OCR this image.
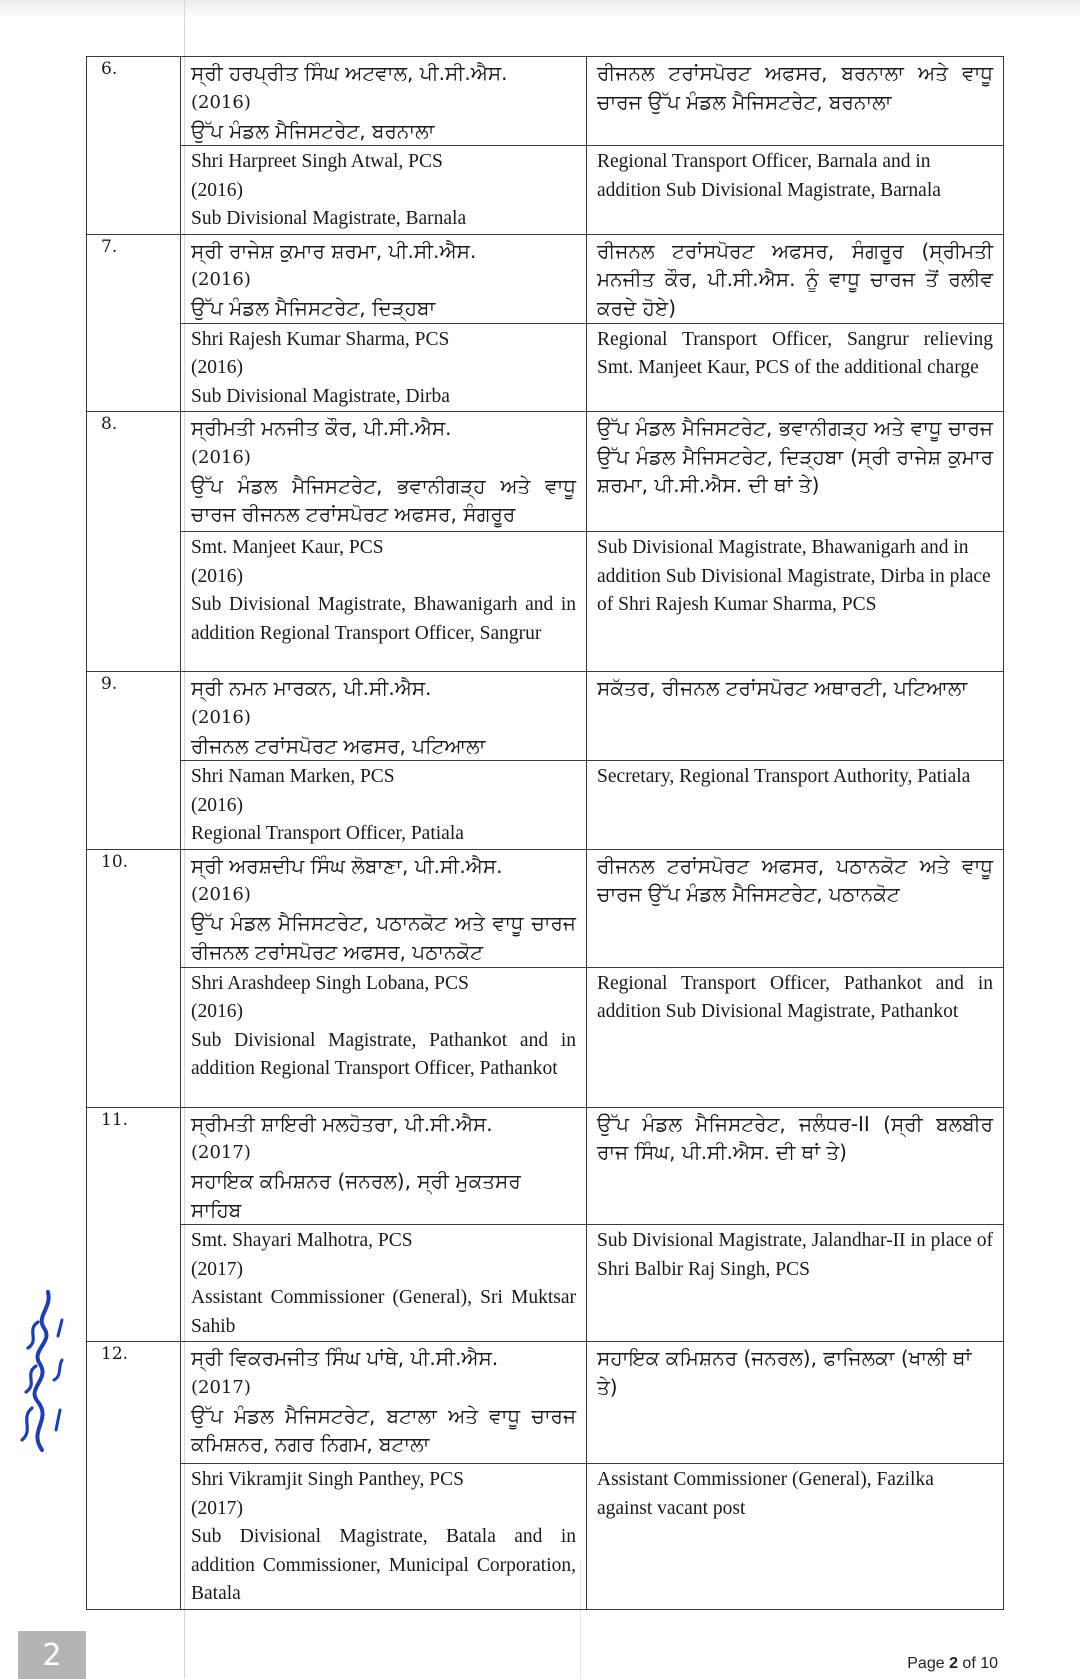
6.	ਸ੍ਰੀ ਹਰਪ੍ਰੀਤ ਸਿੰਘ ਅਟਵਾਲ, ਪੀ.ਸੀ.ਐਸ.
(2016)
ਉੱਪ ਮੰਡਲ ਮੈਜਿਸਟਰੇਟ, ਬਰਨਾਲਾ	ਰੀਜਨਲ ਟਰਾਂਸਪੋਰਟ ਅਫਸਰ, ਬਰਨਾਲਾ ਅਤੇ ਵਾਧੂ ਚਾਰਜ ਉੱਪ ਮੰਡਲ ਮੈਜਿਸਟਰੇਟ, ਬਰਨਾਲਾ

	Shri Harpreet Singh Atwal, PCS
(2016)
Sub Divisional Magistrate, Barnala	Regional Transport Officer, Barnala and in addition Sub Divisional Magistrate, Barnala
7.	ਸ੍ਰੀ ਰਾਜੇਸ਼ ਕੁਮਾਰ ਸ਼ਰਮਾ, ਪੀ.ਸੀ.ਐਸ.
(2016)
ਉੱਪ ਮੰਡਲ ਮੈਜਿਸਟਰੇਟ, ਦਿੜ੍ਹਬਾ	ਰੀਜਨਲ ਟਰਾਂਸਪੋਰਟ ਅਫਸਰ, ਸੰਗਰੂਰ (ਸ੍ਰੀਮਤੀ ਮਨਜੀਤ ਕੌਰ, ਪੀ.ਸੀ.ਐਸ. ਨੂੰ ਵਾਧੂ ਚਾਰਜ ਤੋਂ ਰਲੀਵ ਕਰਦੇ ਹੋਏ)

	Shri Rajesh Kumar Sharma, PCS
(2016)
Sub Divisional Magistrate, Dirba	Regional Transport Officer, Sangrur relieving Smt. Manjeet Kaur, PCS of the additional charge
8.	ਸ੍ਰੀਮਤੀ ਮਨਜੀਤ ਕੌਰ, ਪੀ.ਸੀ.ਐਸ.
(2016)
ਉੱਪ ਮੰਡਲ ਮੈਜਿਸਟਰੇਟ, ਭਵਾਨੀਗੜ੍ਹ ਅਤੇ ਵਾਧੂ ਚਾਰਜ ਰੀਜਨਲ ਟਰਾਂਸਪੋਰਟ ਅਫਸਰ, ਸੰਗਰੂਰ	ਉੱਪ ਮੰਡਲ ਮੈਜਿਸਟਰੇਟ, ਭਵਾਨੀਗੜ੍ਹ ਅਤੇ ਵਾਧੂ ਚਾਰਜ ਉੱਪ ਮੰਡਲ ਮੈਜਿਸਟਰੇਟ, ਦਿੜ੍ਹਬਾ (ਸ੍ਰੀ ਰਾਜੇਸ਼ ਕੁਮਾਰ ਸ਼ਰਮਾ, ਪੀ.ਸੀ.ਐਸ. ਦੀ ਥਾਂ ਤੇ)

	Smt. Manjeet Kaur, PCS
(2016)
Sub Divisional Magistrate, Bhawanigarh and in addition Regional Transport Officer, Sangrur	Sub Divisional Magistrate, Bhawanigarh and in addition Sub Divisional Magistrate, Dirba in place of Shri Rajesh Kumar Sharma, PCS
9.	ਸ੍ਰੀ ਨਮਨ ਮਾਰਕਨ, ਪੀ.ਸੀ.ਐਸ.
(2016)
ਰੀਜਨਲ ਟਰਾਂਸਪੋਰਟ ਅਫਸਰ, ਪਟਿਆਲਾ	ਸਕੱਤਰ, ਰੀਜਨਲ ਟਰਾਂਸਪੋਰਟ ਅਥਾਰਟੀ, ਪਟਿਆਲਾ

	Shri Naman Marken, PCS
(2016)
Regional Transport Officer, Patiala	Secretary, Regional Transport Authority, Patiala
10.	ਸ੍ਰੀ ਅਰਸ਼ਦੀਪ ਸਿੰਘ ਲੋਬਾਣਾ, ਪੀ.ਸੀ.ਐਸ.
(2016)
ਉੱਪ ਮੰਡਲ ਮੈਜਿਸਟਰੇਟ, ਪਠਾਨਕੋਟ ਅਤੇ ਵਾਧੂ ਚਾਰਜ ਰੀਜਨਲ ਟਰਾਂਸਪੋਰਟ ਅਫਸਰ, ਪਠਾਨਕੋਟ	ਰੀਜਨਲ ਟਰਾਂਸਪੋਰਟ ਅਫਸਰ, ਪਠਾਨਕੋਟ ਅਤੇ ਵਾਧੂ ਚਾਰਜ ਉੱਪ ਮੰਡਲ ਮੈਜਿਸਟਰੇਟ, ਪਠਾਨਕੋਟ

	Shri Arashdeep Singh Lobana, PCS
(2016)
Sub Divisional Magistrate, Pathankot and in addition Regional Transport Officer, Pathankot	Regional Transport Officer, Pathankot and in addition Sub Divisional Magistrate, Pathankot
11.	ਸ੍ਰੀਮਤੀ ਸ਼ਾਇਰੀ ਮਲਹੋਤਰਾ, ਪੀ.ਸੀ.ਐਸ.
(2017)
ਸਹਾਇਕ ਕਮਿਸ਼ਨਰ (ਜਨਰਲ), ਸ੍ਰੀ ਮੁਕਤਸਰ ਸਾਹਿਬ	ਉੱਪ ਮੰਡਲ ਮੈਜਿਸਟਰੇਟ, ਜਲੰਧਰ-II (ਸ੍ਰੀ ਬਲਬੀਰ ਰਾਜ ਸਿੰਘ, ਪੀ.ਸੀ.ਐਸ. ਦੀ ਥਾਂ ਤੇ)

	Smt. Shayari Malhotra, PCS
(2017)
Assistant Commissioner (General), Sri Muktsar Sahib	Sub Divisional Magistrate, Jalandhar-II in place of Shri Balbir Raj Singh, PCS
12.	ਸ੍ਰੀ ਵਿਕਰਮਜੀਤ ਸਿੰਘ ਪਾਂਥੇ, ਪੀ.ਸੀ.ਐਸ.
(2017)
ਉੱਪ ਮੰਡਲ ਮੈਜਿਸਟਰੇਟ, ਬਟਾਲਾ ਅਤੇ ਵਾਧੂ ਚਾਰਜ ਕਮਿਸ਼ਨਰ, ਨਗਰ ਨਿਗਮ, ਬਟਾਲਾ	ਸਹਾਇਕ ਕਮਿਸ਼ਨਰ (ਜਨਰਲ), ਫਾਜਿਲਕਾ (ਖਾਲੀ ਥਾਂ ਤੇ)

	Shri Vikramjit Singh Panthey, PCS
(2017)
Sub Divisional Magistrate, Batala and in addition Commissioner, Municipal Corporation, Batala	Assistant Commissioner (General), Fazilka against vacant post
2	Page 2 of 10
